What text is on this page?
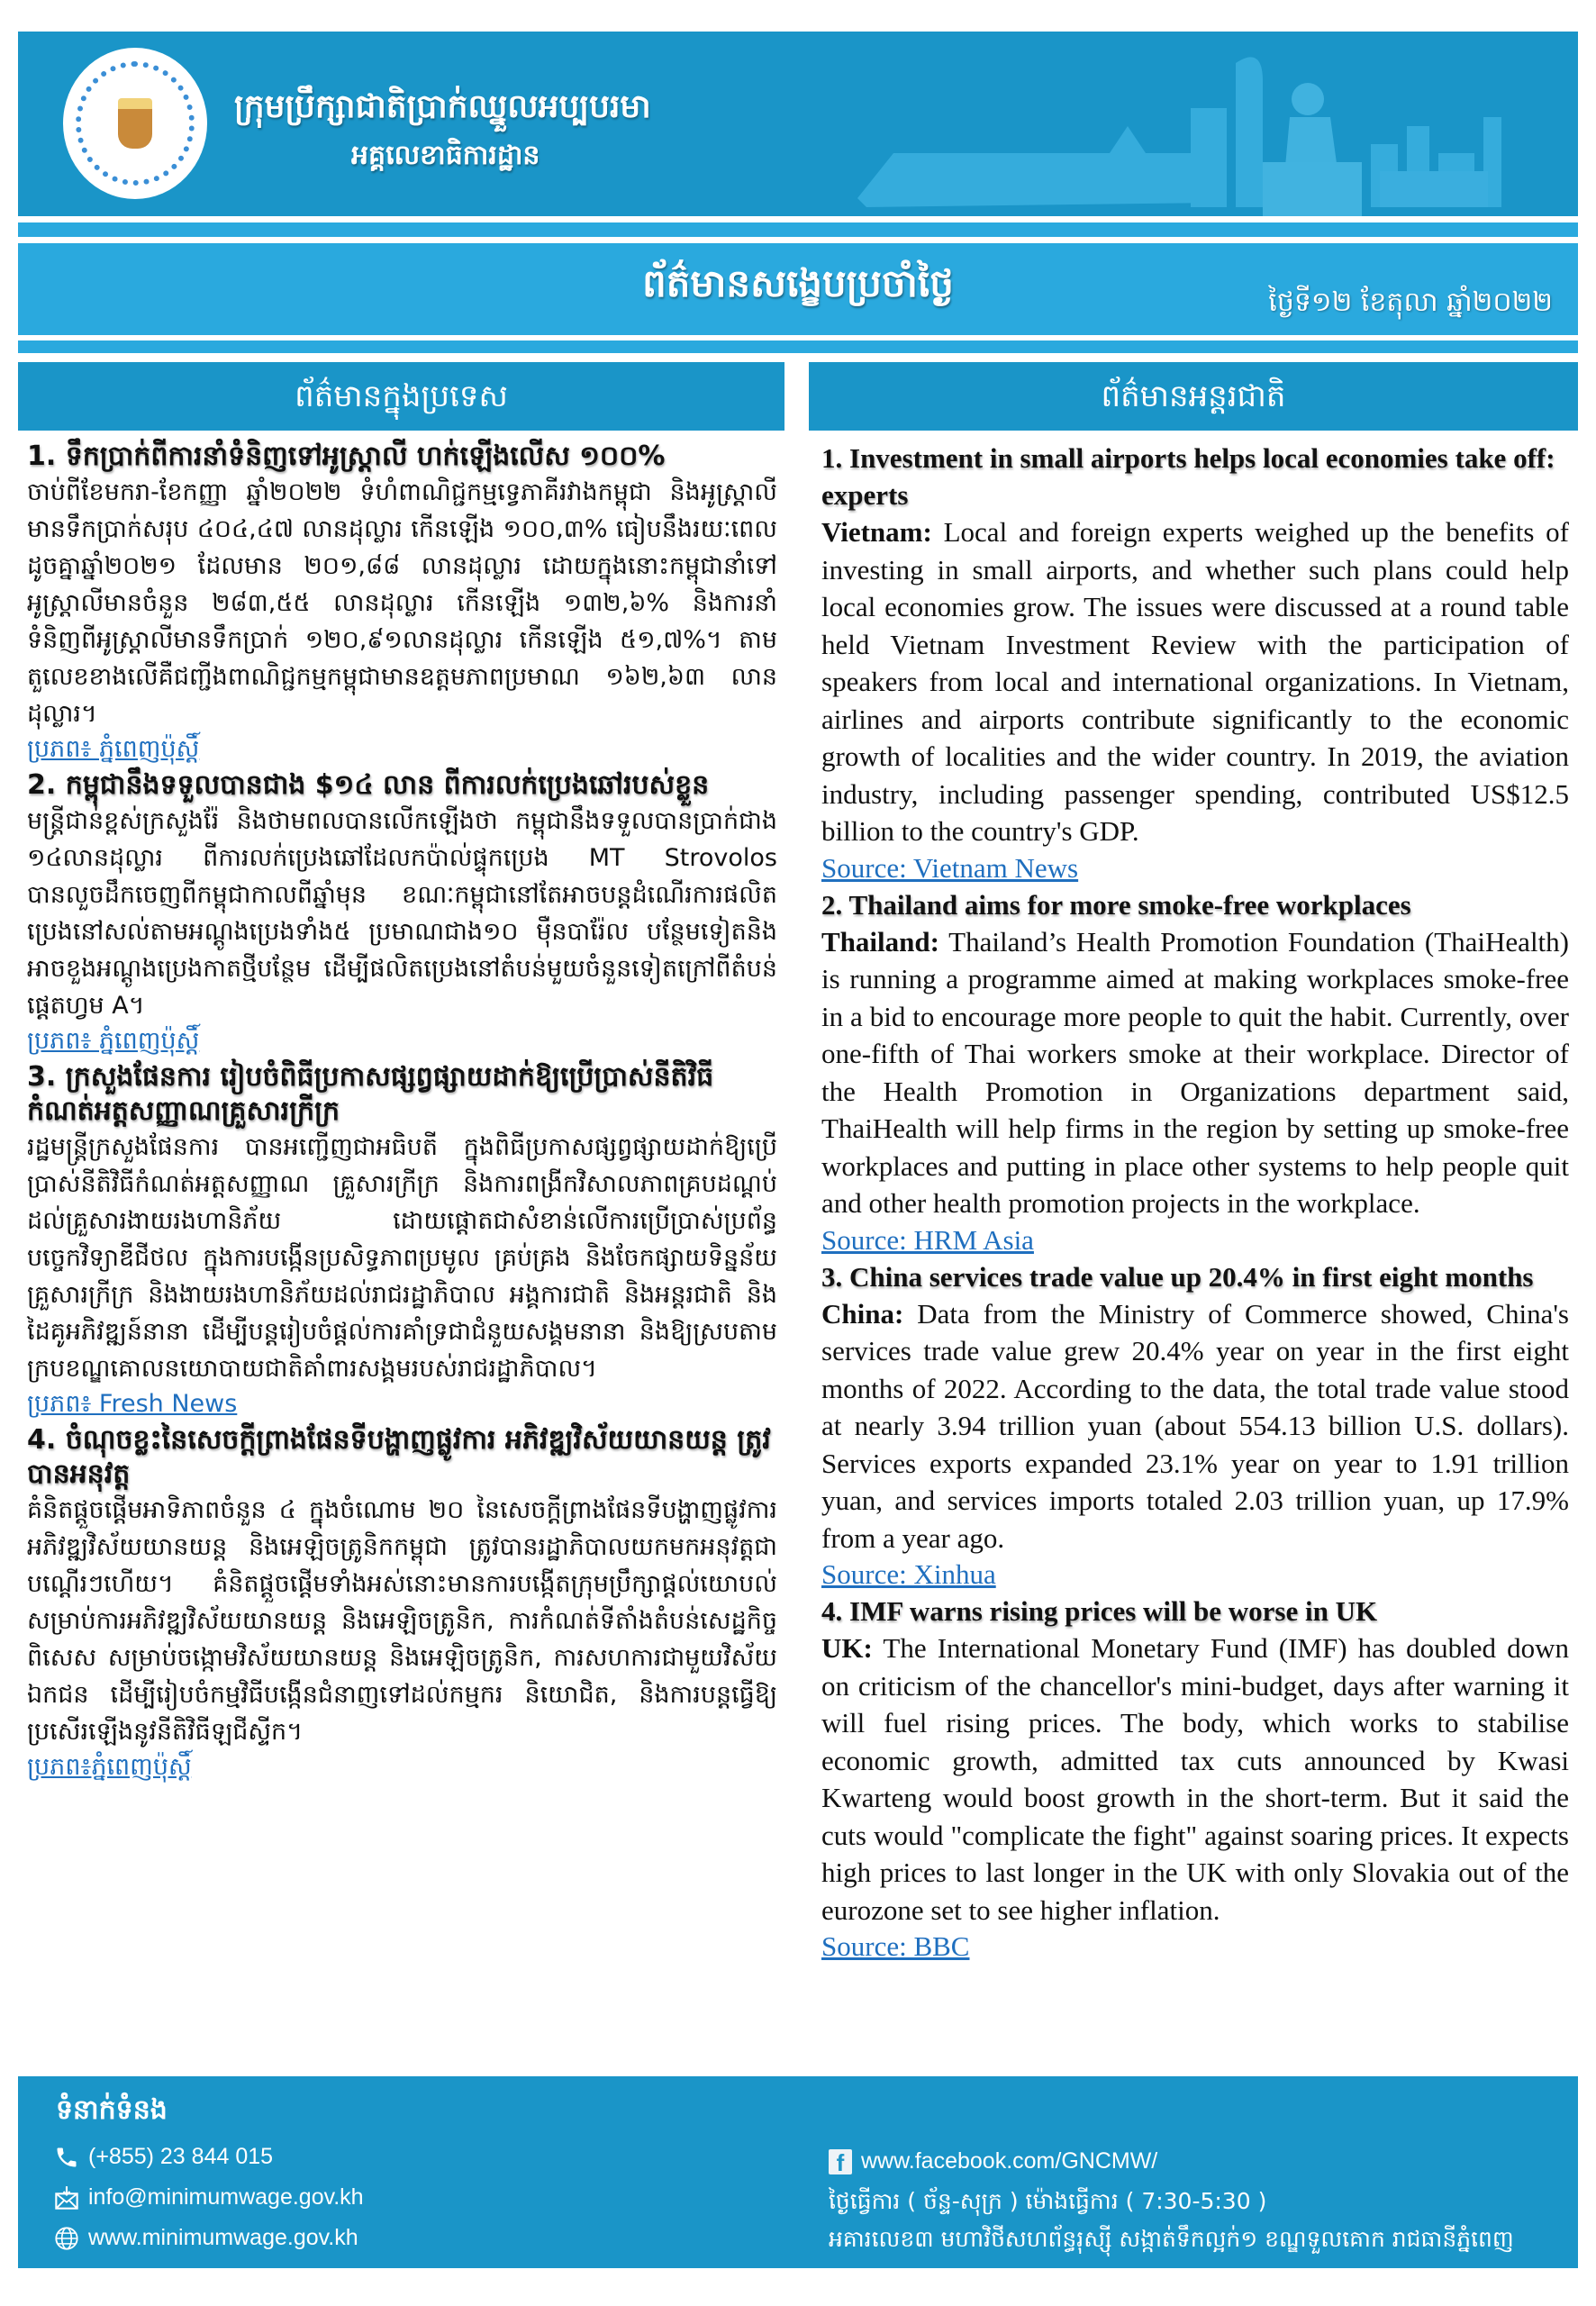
ក្រុមប្រឹក្សាជាតិប្រាក់ឈ្នួលអប្បបរមា
អគ្គលេខាធិការដ្ឋាន
ព័ត៌មានសង្ខេបប្រចាំថ្ងៃ	ថ្ងៃទី១២ ខែតុលា ឆ្នាំ២០២២
ព័ត៌មានក្នុងប្រទេស
1. ទឹកប្រាក់ពីការនាំទំនិញទៅអូស្ត្រាលី ហក់ឡើងលើស ១០០%

ចាប់ពីខែមករា-ខែកញ្ញា ឆ្នាំ២០២២ ទំហំពាណិជ្ជកម្មទ្វេភាគីរវាងកម្ពុជា និងអូស្ត្រាលី មានទឹកប្រាក់សរុប ៤០៤,៤៧ លានដុល្លារ កើនឡើង ១០០,៣% ធៀបនឹងរយៈពេលដូចគ្នាឆ្នាំ២០២១ ដែលមាន ២០១,៨៨ លានដុល្លារ ដោយក្នុងនោះកម្ពុជានាំទៅអូស្ត្រាលីមានចំនួន ២៨៣,៥៥ លានដុល្លារ កើនឡើង ១៣២,៦% និងការនាំទំនិញពីអូស្ត្រាលីមានទឹកប្រាក់ ១២០,៩១លានដុល្លារ កើនឡើង ៥១,៧%។ តាមតួលេខខាងលើគឺជញ្ជីងពាណិជ្ជកម្មកម្ពុជាមានឧត្តមភាពប្រមាណ ១៦២,៦៣ លានដុល្លារ។

ប្រភព៖ ភ្នំពេញប៉ុស្ដិ៍
2. កម្ពុជានឹងទទួលបានជាង $១៤ លាន ពីការលក់ប្រេងឆៅរបស់ខ្លួន

មន្ត្រីជាន់ខ្ពស់ក្រសួងរ៉ែ និងថាមពលបានលើកឡើងថា កម្ពុជានឹងទទួលបានប្រាក់ជាង ១៤លានដុល្លារ ពីការលក់ប្រេងឆៅដែលកប៉ាល់ផ្ទុកប្រេង MT Strovolos បានលួចដឹកចេញពីកម្ពុជាកាលពីឆ្នាំមុន ខណៈកម្ពុជានៅតែអាចបន្តដំណើរការផលិតប្រេងនៅសល់តាមអណ្ដូងប្រេងទាំង៥ ប្រមាណជាង១០ ម៉ឺនបារ៉ែល បន្ថែមទៀតនិងអាចខួងអណ្ដូងប្រេងកាតថ្មីបន្ថែម ដើម្បីផលិតប្រេងនៅតំបន់មួយចំនួនទៀតក្រៅពីតំបន់ផ្ដេតហ្វម A។

ប្រភព៖ ភ្នំពេញប៉ុស្ដិ៍
3. ក្រសួងផែនការ រៀបចំពិធីប្រកាសផ្សព្វផ្សាយដាក់ឱ្យប្រើប្រាស់នីតិវិធីកំណត់អត្តសញ្ញាណគ្រួសារក្រីក្រ

រដ្ឋមន្ត្រីក្រសួងផែនការ បានអញ្ជើញជាអធិបតី ក្នុងពិធីប្រកាសផ្សព្វផ្សាយដាក់ឱ្យប្រើប្រាស់នីតិវិធីកំណត់អត្តសញ្ញាណ គ្រួសារក្រីក្រ និងការពង្រីកវិសាលភាពគ្របដណ្ដប់ដល់គ្រួសារងាយរងហានិភ័យ ដោយផ្ដោតជាសំខាន់លើការប្រើប្រាស់ប្រព័ន្ធបច្ចេកវិទ្យាឌីជីថល ក្នុងការបង្កើនប្រសិទ្ធភាពប្រមូល គ្រប់គ្រង និងចែកផ្សាយទិន្នន័យគ្រួសារក្រីក្រ និងងាយរងហានិភ័យដល់រាជរដ្ឋាភិបាល អង្គការជាតិ និងអន្តរជាតិ និងដៃគូអភិវឌ្ឍន៍នានា ដើម្បីបន្តរៀបចំផ្ដល់ការគាំទ្រជាជំនួយសង្គមនានា និងឱ្យស្របតាមក្របខណ្ឌគោលនយោបាយជាតិគាំពារសង្គមរបស់រាជរដ្ឋាភិបាល។

ប្រភព៖ Fresh News
4. ចំណុចខ្លះនៃសេចក្ដីព្រាងផែនទីបង្ហាញផ្លូវការ អភិវឌ្ឍវិស័យយានយន្ត ត្រូវបានអនុវត្ត

គំនិតផ្ដួចផ្ដើមអាទិភាពចំនួន ៤ ក្នុងចំណោម ២០ នៃសេចក្ដីព្រាងផែនទីបង្ហាញផ្លូវការអភិវឌ្ឍវិស័យយានយន្ត និងអេឡិចត្រូនិកកម្ពុជា ត្រូវបានរដ្ឋាភិបាលយកមកអនុវត្តជាបណ្ដើរៗហើយ។ គំនិតផ្ដួចផ្ដើមទាំងអស់នោះមានការបង្កើតក្រុមប្រឹក្សាផ្ដល់យោបល់ សម្រាប់ការអភិវឌ្ឍវិស័យយានយន្ត និងអេឡិចត្រូនិក, ការកំណត់ទីតាំងតំបន់សេដ្ឋកិច្ចពិសេស សម្រាប់ចង្កោមវិស័យយានយន្ត និងអេឡិចត្រូនិក, ការសហការជាមួយវិស័យឯកជន ដើម្បីរៀបចំកម្មវិធីបង្កើនជំនាញទៅដល់កម្មករ និយោជិត, និងការបន្តធ្វើឱ្យប្រសើរឡើងនូវនីតិវិធីឡជីស្ទីក។

ប្រភព៖ភ្នំពេញប៉ុស្ដិ៍
ព័ត៌មានអន្តរជាតិ
1. Investment in small airports helps local economies take off: experts

Vietnam: Local and foreign experts weighed up the benefits of investing in small airports, and whether such plans could help local economies grow. The issues were discussed at a round table held Vietnam Investment Review with the participation of speakers from local and international organizations. In Vietnam, airlines and airports contribute significantly to the economic growth of localities and the wider country. In 2019, the aviation industry, including passenger spending, contributed US$12.5 billion to the country's GDP.

Source: Vietnam News
2. Thailand aims for more smoke-free workplaces

Thailand: Thailand’s Health Promotion Foundation (ThaiHealth) is running a programme aimed at making workplaces smoke-free in a bid to encourage more people to quit the habit. Currently, over one-fifth of Thai workers smoke at their workplace. Director of the Health Promotion in Organizations department said, ThaiHealth will help firms in the region by setting up smoke-free workplaces and putting in place other systems to help people quit and other health promotion projects in the workplace.

Source: HRM Asia
3. China services trade value up 20.4% in first eight months

China: Data from the Ministry of Commerce showed, China's services trade value grew 20.4% year on year in the first eight months of 2022. According to the data, the total trade value stood at nearly 3.94 trillion yuan (about 554.13 billion U.S. dollars). Services exports expanded 23.1% year on year to 1.91 trillion yuan, and services imports totaled 2.03 trillion yuan, up 17.9% from a year ago.

Source: Xinhua
4. IMF warns rising prices will be worse in UK

UK: The International Monetary Fund (IMF) has doubled down on criticism of the chancellor's mini-budget, days after warning it will fuel rising prices. The body, which works to stabilise economic growth, admitted tax cuts announced by Kwasi Kwarteng would boost growth in the short-term. But it said the cuts would "complicate the fight" against soaring prices. It expects high prices to last longer in the UK with only Slovakia out of the eurozone set to see higher inflation.

Source: BBC
ទំនាក់ទំនង
(+855) 23 844 015
info@minimumwage.gov.kh
www.minimumwage.gov.kh
f www.facebook.com/GNCMW/
ថ្ងៃធ្វើការ ( ច័ន្ទ-សុក្រ ) ម៉ោងធ្វើការ ( 7:30-5:30 )
អគារលេខ៣ មហាវិថីសហព័ន្ធរុស្ស៊ី សង្កាត់ទឹកល្អក់១ ខណ្ឌទួលគោក រាជធានីភ្នំពេញ
